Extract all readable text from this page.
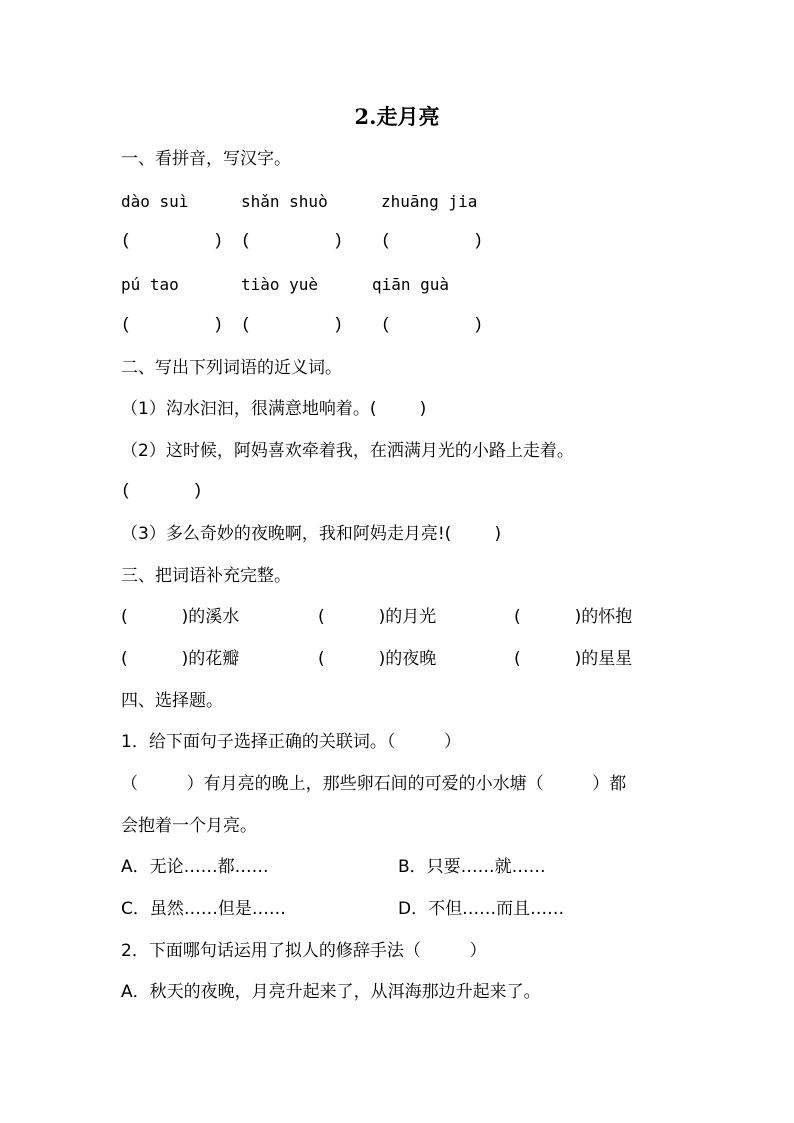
2.走月亮
一、看拼音，写汉字。
dào suì	shǎn shuò	zhuāng jia
(        ) (        ) (        )
pú tao	tiào yuè	qiān guà
(        ) (        ) (        )
二、写出下列词语的近义词。
（1）沟水汩汩，很满意地响着。(        )
（2）这时候，阿妈喜欢牵着我，在洒满月光的小路上走着。
(      )
（3）多么奇妙的夜晚啊，我和阿妈走月亮!(        )
三、把词语补充完整。
(          )的溪水	(          )的月光	(          )的怀抱
(          )的花瓣	(          )的夜晚	(          )的星星
四、选择题。
1．给下面句子选择正确的关联词。（         ）
（         ）有月亮的晚上，那些卵石间的可爱的小水塘（         ）都
会抱着一个月亮。
A．无论……都……	B．只要……就……
C．虽然……但是……	D．不但……而且……
2．下面哪句话运用了拟人的修辞手法（         ）
A．秋天的夜晚，月亮升起来了，从洱海那边升起来了。
